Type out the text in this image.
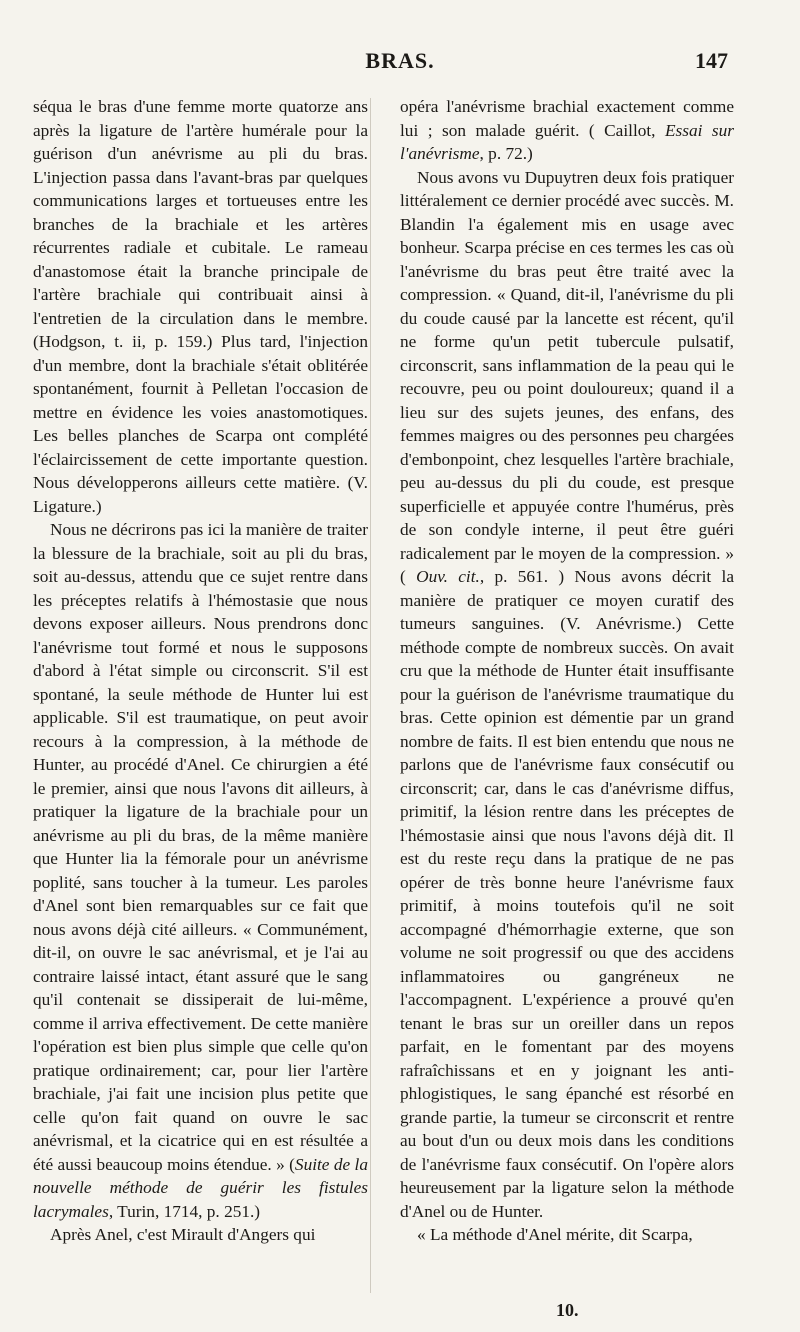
BRAS.	147

séqua le bras d'une femme morte quatorze ans après la ligature de l'artère humérale pour la guérison d'un anévrisme au pli du bras. L'injection passa dans l'avant-bras par quelques communications larges et tortueuses entre les branches de la brachiale et les artères récurrentes radiale et cubitale. Le rameau d'anastomose était la branche principale de l'artère brachiale qui contribuait ainsi à l'entretien de la circulation dans le membre. (Hodgson, t. ii, p. 159.) Plus tard, l'injection d'un membre, dont la brachiale s'était oblitérée spontanément, fournit à Pelletan l'occasion de mettre en évidence les voies anastomotiques. Les belles planches de Scarpa ont complété l'éclaircissement de cette importante question. Nous développerons ailleurs cette matière. (V. Ligature.)

Nous ne décrirons pas ici la manière de traiter la blessure de la brachiale, soit au pli du bras, soit au-dessus, attendu que ce sujet rentre dans les préceptes relatifs à l'hémostasie que nous devons exposer ailleurs. Nous prendrons donc l'anévrisme tout formé et nous le supposons d'abord à l'état simple ou circonscrit. S'il est spontané, la seule méthode de Hunter lui est applicable. S'il est traumatique, on peut avoir recours à la compression, à la méthode de Hunter, au procédé d'Anel. Ce chirurgien a été le premier, ainsi que nous l'avons dit ailleurs, à pratiquer la ligature de la brachiale pour un anévrisme au pli du bras, de la même manière que Hunter lia la fémorale pour un anévrisme poplité, sans toucher à la tumeur. Les paroles d'Anel sont bien remarquables sur ce fait que nous avons déjà cité ailleurs. « Communément, dit-il, on ouvre le sac anévrismal, et je l'ai au contraire laissé intact, étant assuré que le sang qu'il contenait se dissiperait de lui-même, comme il arriva effectivement. De cette manière l'opération est bien plus simple que celle qu'on pratique ordinairement; car, pour lier l'artère brachiale, j'ai fait une incision plus petite que celle qu'on fait quand on ouvre le sac anévrismal, et la cicatrice qui en est résultée a été aussi beaucoup moins étendue. » (Suite de la nouvelle méthode de guérir les fistules lacrymales, Turin, 1714, p. 251.)

Après Anel, c'est Mirault d'Angers qui

opéra l'anévrisme brachial exactement comme lui ; son malade guérit. ( Caillot, Essai sur l'anévrisme, p. 72.)

Nous avons vu Dupuytren deux fois pratiquer littéralement ce dernier procédé avec succès. M. Blandin l'a également mis en usage avec bonheur. Scarpa précise en ces termes les cas où l'anévrisme du bras peut être traité avec la compression. « Quand, dit-il, l'anévrisme du pli du coude causé par la lancette est récent, qu'il ne forme qu'un petit tubercule pulsatif, circonscrit, sans inflammation de la peau qui le recouvre, peu ou point douloureux; quand il a lieu sur des sujets jeunes, des enfans, des femmes maigres ou des personnes peu chargées d'embonpoint, chez lesquelles l'artère brachiale, peu au-dessus du pli du coude, est presque superficielle et appuyée contre l'humérus, près de son condyle interne, il peut être guéri radicalement par le moyen de la compression. » ( Ouv. cit., p. 561. ) Nous avons décrit la manière de pratiquer ce moyen curatif des tumeurs sanguines. (V. Anévrisme.) Cette méthode compte de nombreux succès. On avait cru que la méthode de Hunter était insuffisante pour la guérison de l'anévrisme traumatique du bras. Cette opinion est démentie par un grand nombre de faits. Il est bien entendu que nous ne parlons que de l'anévrisme faux consécutif ou circonscrit; car, dans le cas d'anévrisme diffus, primitif, la lésion rentre dans les préceptes de l'hémostasie ainsi que nous l'avons déjà dit. Il est du reste reçu dans la pratique de ne pas opérer de très bonne heure l'anévrisme faux primitif, à moins toutefois qu'il ne soit accompagné d'hémorrhagie externe, que son volume ne soit progressif ou que des accidens inflammatoires ou gangréneux ne l'accompagnent. L'expérience a prouvé qu'en tenant le bras sur un oreiller dans un repos parfait, en le fomentant par des moyens rafraîchissans et en y joignant les anti-phlogistiques, le sang épanché est résorbé en grande partie, la tumeur se circonscrit et rentre au bout d'un ou deux mois dans les conditions de l'anévrisme faux consécutif. On l'opère alors heureusement par la ligature selon la méthode d'Anel ou de Hunter.

« La méthode d'Anel mérite, dit Scarpa,

10.
